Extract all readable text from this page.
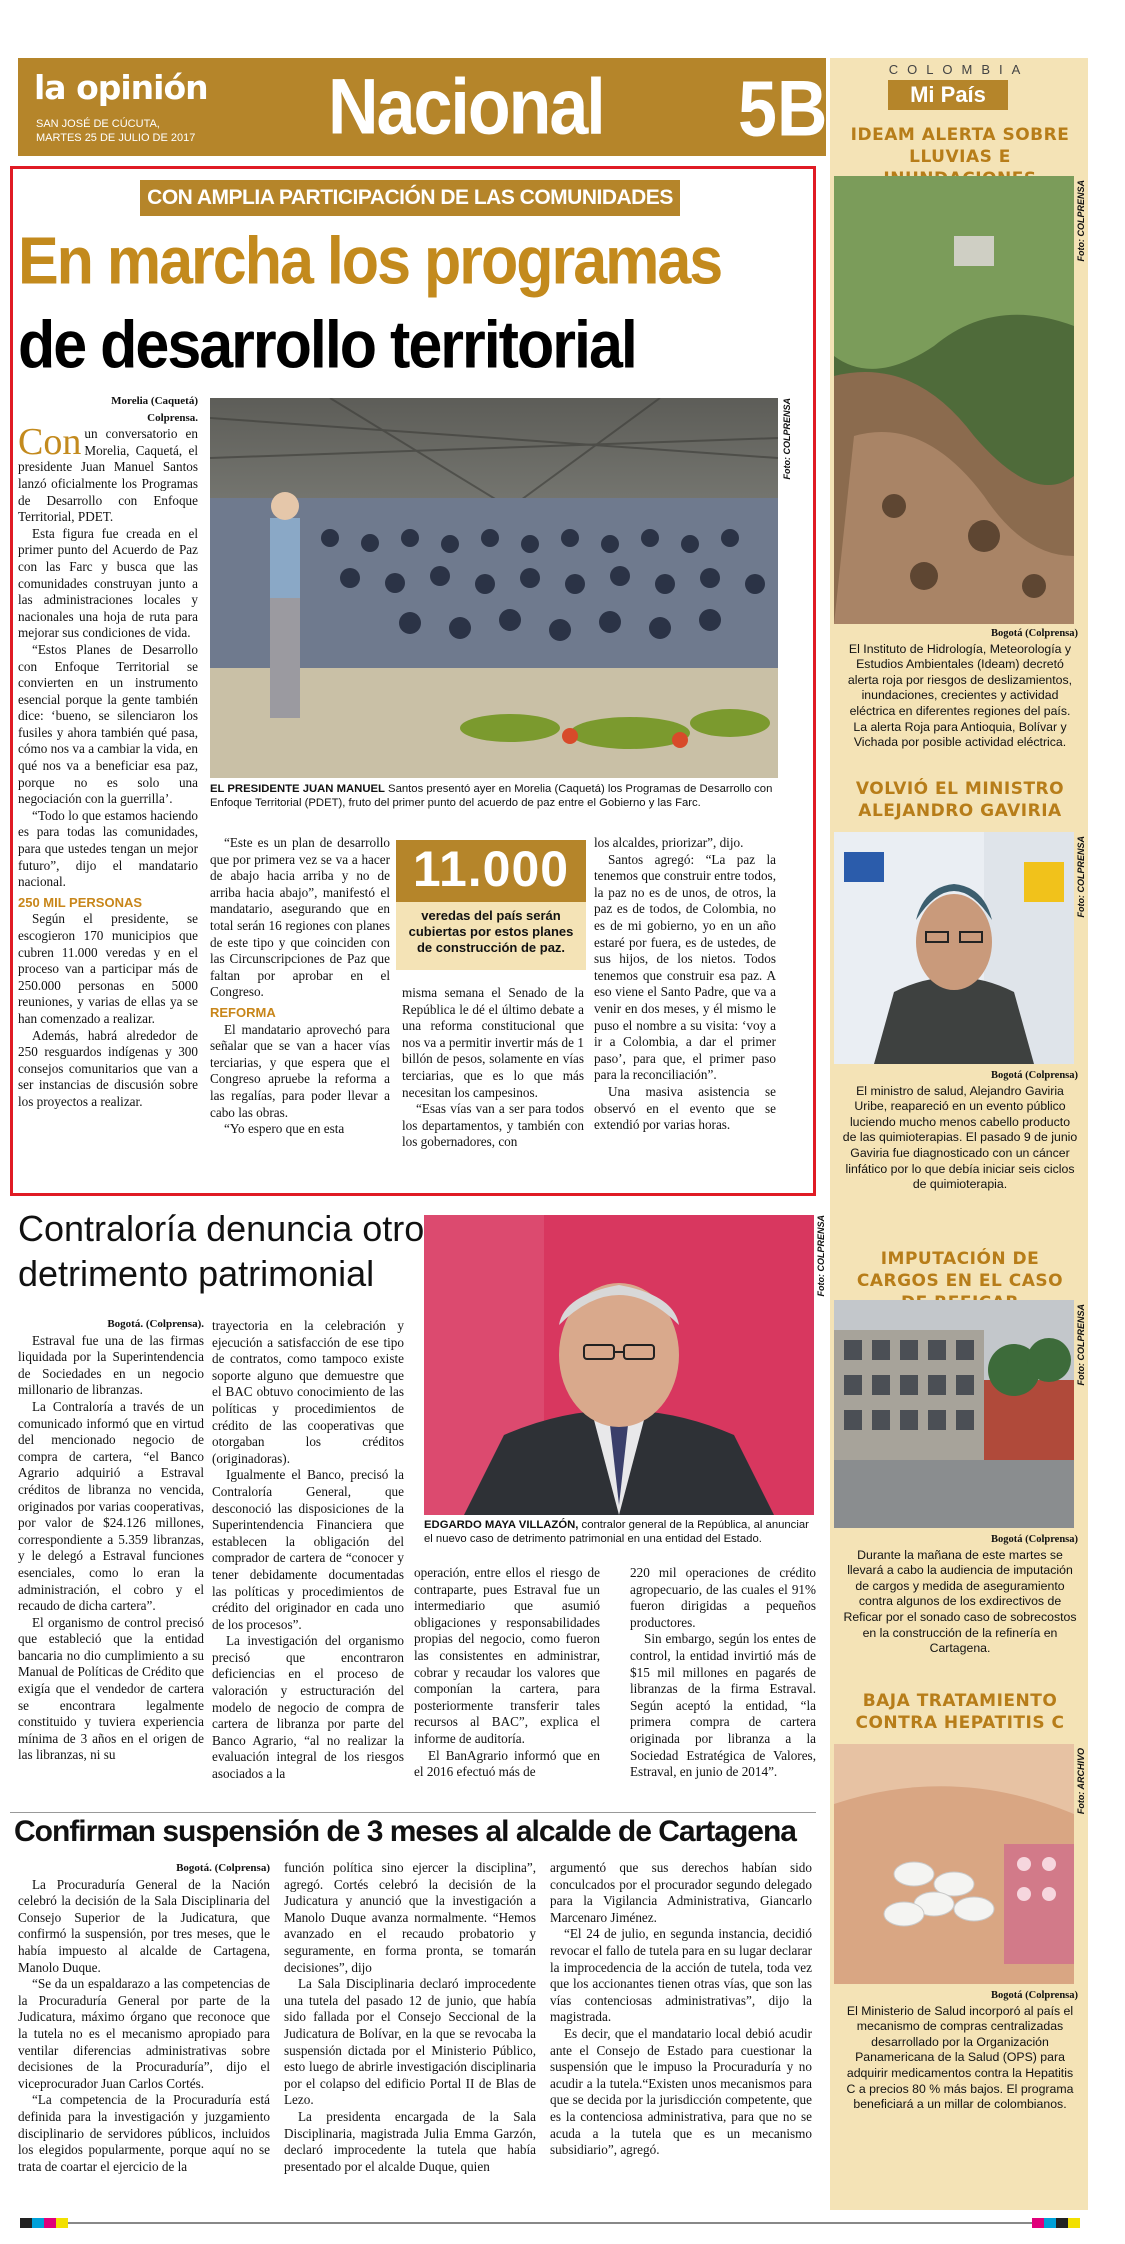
la opinión
SAN JOSÉ DE CÚCUTA,
MARTES 25 DE JULIO DE 2017 Nacional 5B	COLOMBIA
Mi País
CON AMPLIA PARTICIPACIÓN DE LAS COMUNIDADES
En marcha los programas
de desarrollo territorial
Morelia (Caquetá)
Colprensa.

Con un conversatorio en Morelia, Caquetá, el presidente Juan Manuel Santos lanzó oficialmente los Programas de Desarrollo con Enfoque Territorial, PDET.

Esta figura fue creada en el primer punto del Acuerdo de Paz con las Farc y busca que las comunidades construyan junto a las administraciones locales y nacionales una hoja de ruta para mejorar sus condiciones de vida.

“Estos Planes de Desarrollo con Enfoque Territorial se convierten en un instrumento esencial porque la gente también dice: ‘bueno, se silenciaron los fusiles y ahora también qué pasa, cómo nos va a cambiar la vida, en qué nos va a beneficiar esa paz, porque no es solo una negociación con la guerrilla’.

“Todo lo que estamos haciendo es para todas las comunidades, para que ustedes tengan un mejor futuro”, dijo el mandatario nacional.

250 MIL PERSONAS

Según el presidente, se escogieron 170 municipios que cubren 11.000 veredas y en el proceso van a participar más de 250.000 personas en 5000 reuniones, y varias de ellas ya se han comenzado a realizar.

Además, habrá alrededor de 250 resguardos indígenas y 300 consejos comunitarios que van a ser instancias de discusión sobre los proyectos a realizar.

Foto: COLPRENSA
EL PRESIDENTE JUAN MANUEL Santos presentó ayer en Morelia (Caquetá) los Programas de Desarrollo con Enfoque Territorial (PDET), fruto del primer punto del acuerdo de paz entre el Gobierno y las Farc.

“Este es un plan de desarrollo que por primera vez se va a hacer de abajo hacia arriba y no de arriba hacia abajo”, manifestó el mandatario, asegurando que en total serán 16 regiones con planes de este tipo y que coinciden con las Circunscripciones de Paz que faltan por aprobar en el Congreso.

REFORMA

El mandatario aprovechó para señalar que se van a hacer vías terciarias, y que espera que el Congreso apruebe la reforma a las regalías, para poder llevar a cabo las obras.

“Yo espero que en esta

11.000
veredas del país serán cubiertas por estos planes de construcción de paz.

misma semana el Senado de la República le dé el último debate a una reforma constitucional que nos va a permitir invertir más de 1 billón de pesos, solamente en vías terciarias, que es lo que más necesitan los campesinos.

“Esas vías van a ser para todos los departamentos, y también con los gobernadores, con

los alcaldes, priorizar”, dijo.

Santos agregó: “La paz la tenemos que construir entre todos, la paz no es de unos, de otros, la paz es de todos, de Colombia, no es de mi gobierno, yo en un año estaré por fuera, es de ustedes, de sus hijos, de los nietos. Todos tenemos que construir esa paz. A eso viene el Santo Padre, que va a venir en dos meses, y él mismo le puso el nombre a su visita: ‘voy a ir a Colombia, a dar el primer paso’, para que, el primer paso para la reconciliación”.

Una masiva asistencia se observó en el evento que se extendió por varias horas.

Contraloría denuncia otro
detrimento patrimonial
Bogotá. (Colprensa).

Estraval fue una de las firmas liquidada por la Superintendencia de Sociedades en un negocio millonario de libranzas.

La Contraloría a través de un comunicado informó que en virtud del mencionado negocio de compra de cartera, “el Banco Agrario adquirió a Estraval créditos de libranza no vencida, originados por varias cooperativas, por valor de $24.126 millones, correspondiente a 5.359 libranzas, y le delegó a Estraval funciones esenciales, como lo eran la administración, el cobro y el recaudo de dicha cartera”.

El organismo de control precisó que estableció que la entidad bancaria no dio cumplimiento a su Manual de Políticas de Crédito que exigía que el vendedor de cartera se encontrara legalmente constituido y tuviera experiencia mínima de 3 años en el origen de las libranzas, ni su

trayectoria en la celebración y ejecución a satisfacción de ese tipo de contratos, como tampoco existe soporte alguno que demuestre que el BAC obtuvo conocimiento de las políticas y procedimientos de crédito de las cooperativas que otorgaban los créditos (originadoras).

Igualmente el Banco, precisó la Contraloría General, que desconoció las disposiciones de la Superintendencia Financiera que establecen la obligación del comprador de cartera de “conocer y tener debidamente documentadas las políticas y procedimientos de crédito del originador en cada uno de los procesos”.

La investigación del organismo precisó que encontraron deficiencias en el proceso de valoración y estructuración del modelo de negocio de compra de cartera de libranza por parte del Banco Agrario, “al no realizar la evaluación integral de los riesgos asociados a la

Foto: COLPRENSA
EDGARDO MAYA VILLAZÓN, contralor general de la República, al anunciar el nuevo caso de detrimento patrimonial en una entidad del Estado.

operación, entre ellos el riesgo de contraparte, pues Estraval fue un intermediario que asumió obligaciones y responsabilidades propias del negocio, como fueron las consistentes en administrar, cobrar y recaudar los valores que componían la cartera, para posteriormente transferir tales recursos al BAC”, explica el informe de auditoría.

El BanAgrario informó que en el 2016 efectuó más de

220 mil operaciones de crédito agropecuario, de las cuales el 91% fueron dirigidas a pequeños productores.

Sin embargo, según los entes de control, la entidad invirtió más de $15 mil millones en pagarés de libranzas de la firma Estraval. Según aceptó la entidad, “la primera compra de cartera originada por libranza a la Sociedad Estratégica de Valores, Estraval, en junio de 2014”.

Confirman suspensión de 3 meses al alcalde de Cartagena
Bogotá. (Colprensa)

La Procuraduría General de la Nación celebró la decisión de la Sala Disciplinaria del Consejo Superior de la Judicatura, que confirmó la suspensión, por tres meses, que le había impuesto al alcalde de Cartagena, Manolo Duque.

“Se da un espaldarazo a las competencias de la Procuraduría General por parte de la Judicatura, máximo órgano que reconoce que la tutela no es el mecanismo apropiado para ventilar diferencias administrativas sobre decisiones de la Procuraduría”, dijo el viceprocurador Juan Carlos Cortés.

“La competencia de la Procuraduría está definida para la investigación y juzgamiento disciplinario de servidores públicos, incluidos los elegidos popularmente, porque aquí no se trata de coartar el ejercicio de la

función política sino ejercer la disciplina”, agregó. Cortés celebró la decisión de la Judicatura y anunció que la investigación a Manolo Duque avanza normalmente. “Hemos avanzado en el recaudo probatorio y seguramente, en forma pronta, se tomarán decisiones”, dijo

La Sala Disciplinaria declaró improcedente una tutela del pasado 12 de junio, que había sido fallada por el Consejo Seccional de la Judicatura de Bolívar, en la que se revocaba la suspensión dictada por el Ministerio Público, esto luego de abrirle investigación disciplinaria por el colapso del edificio Portal II de Blas de Lezo.

La presidenta encargada de la Sala Disciplinaria, magistrada Julia Emma Garzón, declaró improcedente la tutela que había presentado por el alcalde Duque, quien

argumentó que sus derechos habían sido conculcados por el procurador segundo delegado para la Vigilancia Administrativa, Giancarlo Marcenaro Jiménez.

“El 24 de julio, en segunda instancia, decidió revocar el fallo de tutela para en su lugar declarar la improcedencia de la acción de tutela, toda vez que los accionantes tienen otras vías, que son las vías contenciosas administrativas”, dijo la magistrada.

Es decir, que el mandatario local debió acudir ante el Consejo de Estado para cuestionar la suspensión que le impuso la Procuraduría y no acudir a la tutela.“Existen unos mecanismos para que se decida por la jurisdicción competente, que es la contenciosa administrativa, para que no se acuda a la tutela que es un mecanismo subsidiario”, agregó.

IDEAM ALERTA SOBRE LLUVIAS E
Foto: COLPRENSA
Bogotá (Colprensa)
El Instituto de Hidrología, Meteorología y Estudios Ambientales (Ideam) decretó alerta roja por riesgos de deslizamientos, inundaciones, crecientes y actividad eléctrica en diferentes regiones del país. La alerta Roja para Antioquia, Bolívar y Vichada por posible actividad eléctrica.
VOLVIÓ EL MINISTRO ALEJANDRO GAVIRIA
Foto: COLPRENSA
Bogotá (Colprensa)
El ministro de salud, Alejandro Gaviria Uribe, reapareció en un evento público luciendo mucho menos cabello producto de las quimioterapias. El pasado 9 de junio Gaviria fue diagnosticado con un cáncer linfático por lo que debía iniciar seis ciclos de quimioterapia.
IMPUTACIÓN DE CARGOS EN EL CASO
Foto: COLPRENSA
Bogotá (Colprensa)
Durante la mañana de este martes se llevará a cabo la audiencia de imputación de cargos y medida de aseguramiento contra algunos de los exdirectivos de Reficar por el sonado caso de sobrecostos en la construcción de la refinería en Cartagena.
BAJA TRATAMIENTO CONTRA HEPATITIS C
Foto: ARCHIVO
Bogotá (Colprensa)
El Ministerio de Salud incorporó al país el mecanismo de compras centralizadas desarrollado por la Organización Panamericana de la Salud (OPS) para adquirir medicamentos contra la Hepatitis C a precios 80 % más bajos. El programa beneficiará a un millar de colombianos.
